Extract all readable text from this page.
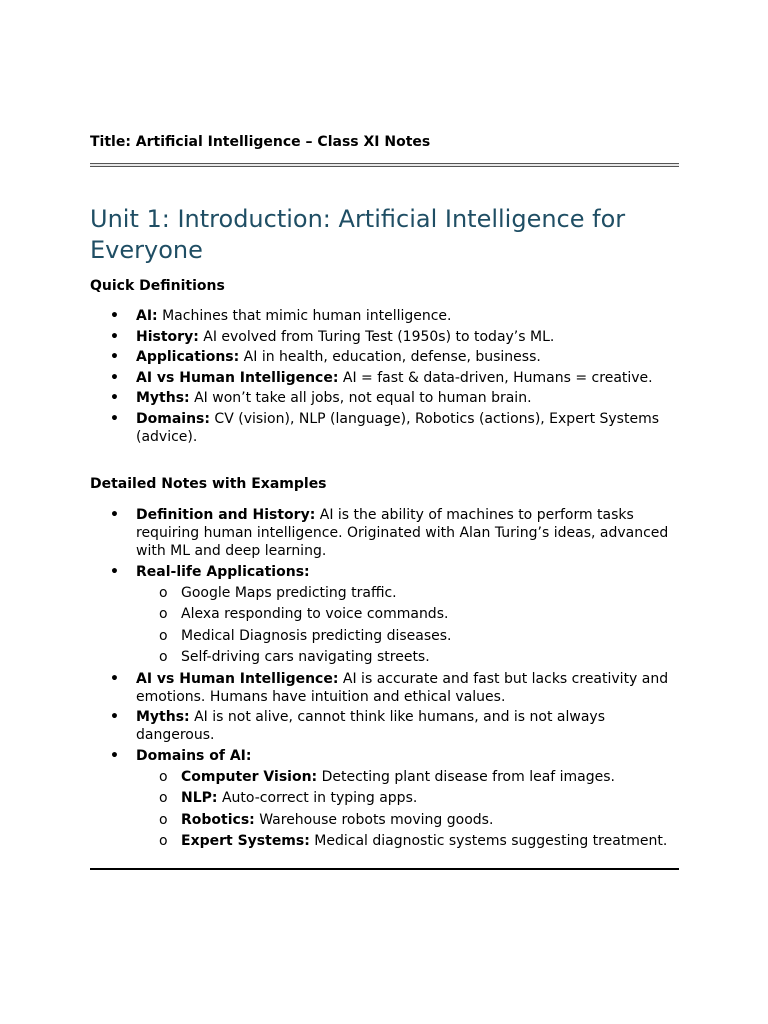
Title: Artificial Intelligence – Class XI Notes
Unit 1: Introduction: Artificial Intelligence for Everyone
Quick Definitions
• AI: Machines that mimic human intelligence.
• History: AI evolved from Turing Test (1950s) to today’s ML.
• Applications: AI in health, education, defense, business.
• AI vs Human Intelligence: AI = fast & data-driven, Humans = creative.
• Myths: AI won’t take all jobs, not equal to human brain.
• Domains: CV (vision), NLP (language), Robotics (actions), Expert Systems (advice).
Detailed Notes with Examples
• Definition and History: AI is the ability of machines to perform tasks requiring human intelligence. Originated with Alan Turing’s ideas, advanced with ML and deep learning.
• Real-life Applications:
o Google Maps predicting traffic.
o Alexa responding to voice commands.
o Medical Diagnosis predicting diseases.
o Self-driving cars navigating streets.
• AI vs Human Intelligence: AI is accurate and fast but lacks creativity and emotions. Humans have intuition and ethical values.
• Myths: AI is not alive, cannot think like humans, and is not always dangerous.
• Domains of AI:
o Computer Vision: Detecting plant disease from leaf images.
o NLP: Auto-correct in typing apps.
o Robotics: Warehouse robots moving goods.
o Expert Systems: Medical diagnostic systems suggesting treatment.
